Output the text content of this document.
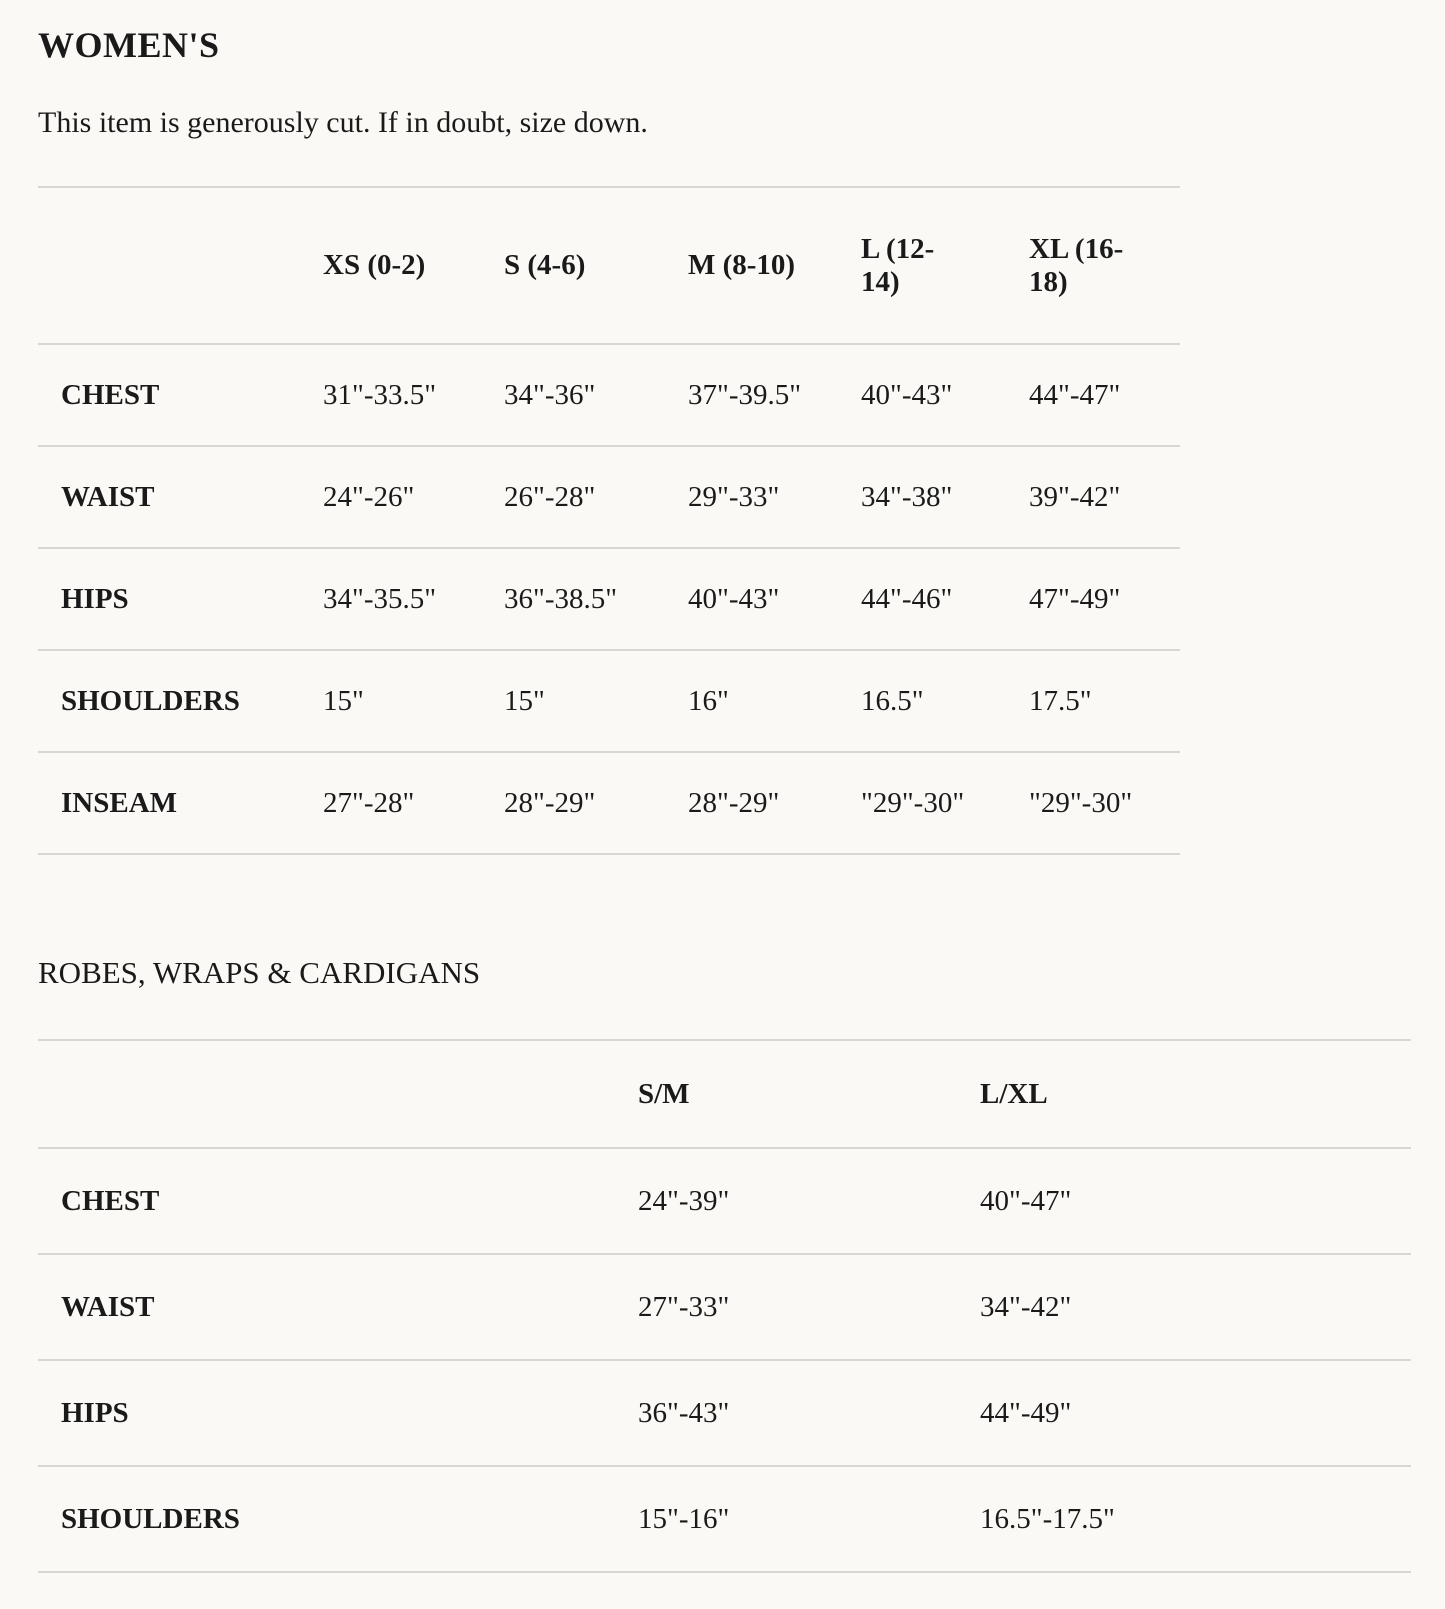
WOMEN'S

This item is generously cut. If in doubt, size down.

	XS (0-2)	S (4-6)	M (8-10)	L (12-14)	XL (16-18)
CHEST	31"-33.5"	34"-36"	37"-39.5"	40"-43"	44"-47"
WAIST	24"-26"	26"-28"	29"-33"	34"-38"	39"-42"
HIPS	34"-35.5"	36"-38.5"	40"-43"	44"-46"	47"-49"
SHOULDERS	15"	15"	16"	16.5"	17.5"
INSEAM	27"-28"	28"-29"	28"-29"	"29"-30"	"29"-30"
ROBES, WRAPS & CARDIGANS
	S/M	L/XL
CHEST	24"-39"	40"-47"
WAIST	27"-33"	34"-42"
HIPS	36"-43"	44"-49"
SHOULDERS	15"-16"	16.5"-17.5"
